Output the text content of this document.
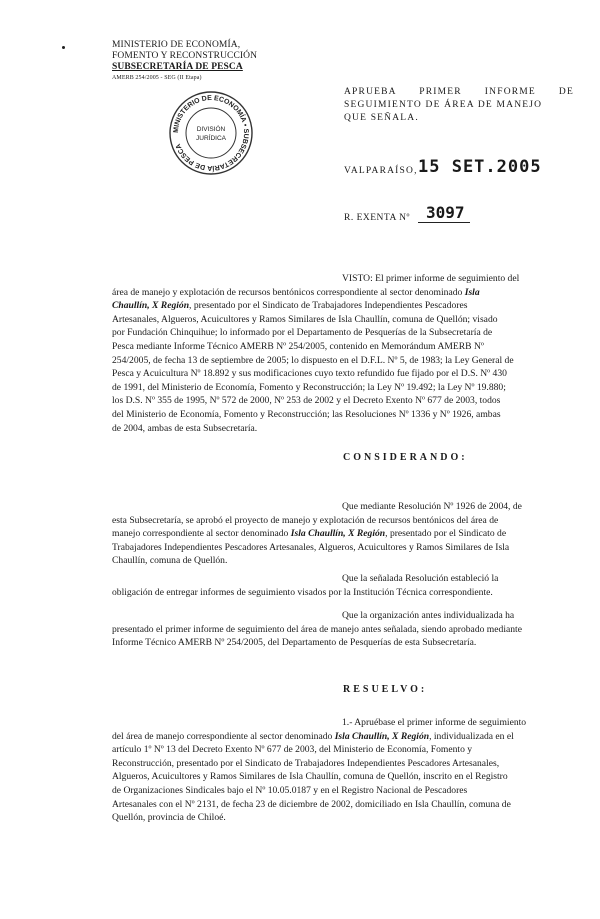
MINISTERIO DE ECONOMÍA,
FOMENTO Y RECONSTRUCCIÓN
SUBSECRETARÍA DE PESCA
AMERB 254/2005 - SEG (II Etapa)
MINISTERIO DE ECONOMÍA • SUBSECRETARÍA DE PESCA
DIVISIÓN
JURÍDICA
APRUEBA PRIMER INFORME DE
SEGUIMIENTO DE ÁREA DE MANEJO
QUE SEÑALA.
VALPARAÍSO, 15 SET.2005
R. EXENTA Nº 3097
VISTO: El primer informe de seguimiento del
área de manejo y explotación de recursos bentónicos correspondiente al sector denominado Isla
Chaullín, X Región, presentado por el Sindicato de Trabajadores Independientes Pescadores
Artesanales, Algueros, Acuicultores y Ramos Similares de Isla Chaullín, comuna de Quellón; visado
por Fundación Chinquihue; lo informado por el Departamento de Pesquerías de la Subsecretaría de
Pesca mediante Informe Técnico AMERB Nº 254/2005, contenido en Memorándum AMERB Nº
254/2005, de fecha 13 de septiembre de 2005; lo dispuesto en el D.F.L. Nº 5, de 1983; la Ley General de
Pesca y Acuicultura Nº 18.892 y sus modificaciones cuyo texto refundido fue fijado por el D.S. Nº 430
de 1991, del Ministerio de Economía, Fomento y Reconstrucción; la Ley Nº 19.492; la Ley Nº 19.880;
los D.S. Nº 355 de 1995, Nº 572 de 2000, Nº 253 de 2002 y el Decreto Exento Nº 677 de 2003, todos
del Ministerio de Economía, Fomento y Reconstrucción; las Resoluciones Nº 1336 y Nº 1926, ambas
de 2004, ambas de esta Subsecretaría.
CONSIDERANDO:
Que mediante Resolución Nº 1926 de 2004, de
esta Subsecretaría, se aprobó el proyecto de manejo y explotación de recursos bentónicos del área de
manejo correspondiente al sector denominado Isla Chaullín, X Región, presentado por el Sindicato de
Trabajadores Independientes Pescadores Artesanales, Algueros, Acuicultores y Ramos Similares de Isla
Chaullín, comuna de Quellón.
Que la señalada Resolución estableció la
obligación de entregar informes de seguimiento visados por la Institución Técnica correspondiente.
Que la organización antes individualizada ha
presentado el primer informe de seguimiento del área de manejo antes señalada, siendo aprobado mediante
Informe Técnico AMERB Nº 254/2005, del Departamento de Pesquerías de esta Subsecretaría.
RESUELVO:
1.- Apruébase el primer informe de seguimiento
del área de manejo correspondiente al sector denominado Isla Chaullín, X Región, individualizada en el
artículo 1º Nº 13 del Decreto Exento Nº 677 de 2003, del Ministerio de Economía, Fomento y
Reconstrucción, presentado por el Sindicato de Trabajadores Independientes Pescadores Artesanales,
Algueros, Acuicultores y Ramos Similares de Isla Chaullín, comuna de Quellón, inscrito en el Registro
de Organizaciones Sindicales bajo el Nº 10.05.0187 y en el Registro Nacional de Pescadores
Artesanales con el Nº 2131, de fecha 23 de diciembre de 2002, domiciliado en Isla Chaullín, comuna de
Quellón, provincia de Chiloé.
